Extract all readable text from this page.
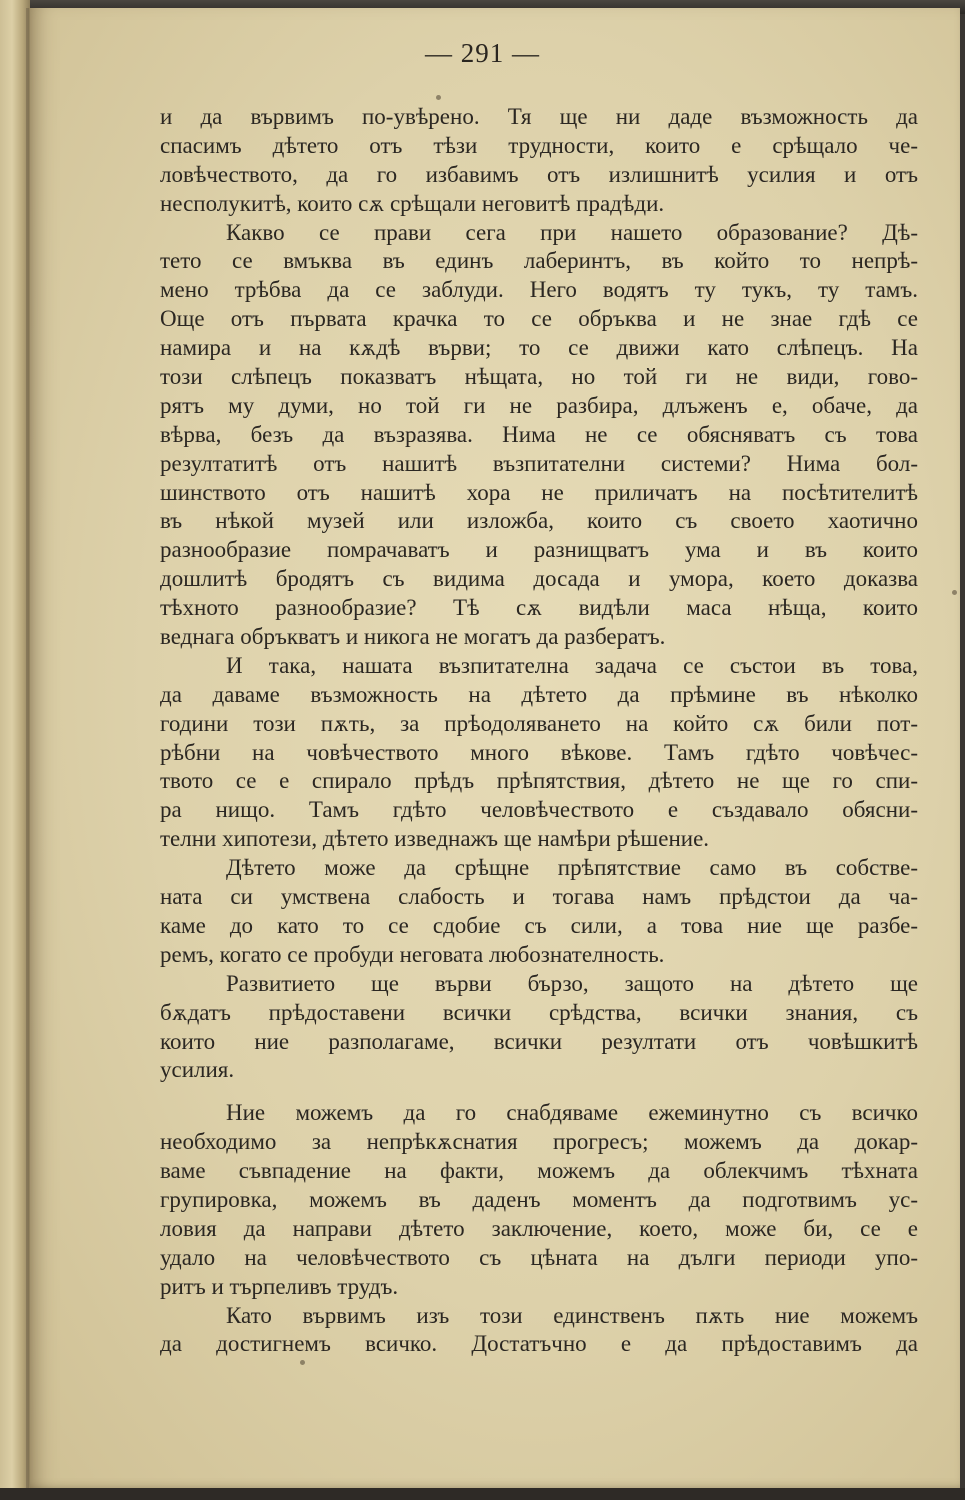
— 291 —
и да вървимъ по-увѣрено. Тя ще ни даде възможность да
спасимъ дѣтето отъ тѣзи трудности, които е срѣщало че-
ловѣчеството, да го избавимъ отъ излишнитѣ усилия и отъ
несполукитѣ, които сѫ срѣщали неговитѣ прадѣди.
Какво се прави сега при нашето образование? Дѣ-
тето се вмъква въ единъ лаберинтъ, въ който то непрѣ-
мено трѣбва да се заблуди. Него водятъ ту тукъ, ту тамъ.
Още отъ първата крачка то се обръква и не знае гдѣ се
намира и на кѫдѣ върви; то се движи като слѣпецъ. На
този слѣпецъ показватъ нѣщата, но той ги не види, гово-
рятъ му думи, но той ги не разбира, длъженъ е, обаче, да
вѣрва, безъ да възразява. Нима не се обясняватъ съ това
резултатитѣ отъ нашитѣ възпитателни системи? Нима бол-
шинството отъ нашитѣ хора не приличатъ на посѣтителитѣ
въ нѣкой музей или изложба, които съ своето хаотично
разнообразие помрачаватъ и разнищватъ ума и въ които
дошлитѣ бродятъ съ видима досада и умора, което доказва
тѣхното разнообразие? Тѣ сѫ видѣли маса нѣща, които
веднага обръкватъ и никога не могатъ да разбератъ.
И така, нашата възпитателна задача се състои въ това,
да даваме възможность на дѣтето да прѣмине въ нѣколко
години този пѫть, за прѣодоляването на който сѫ били пот-
рѣбни на човѣчеството много вѣкове. Тамъ гдѣто човѣчес-
твото се е спирало прѣдъ прѣпятствия, дѣтето не ще го спи-
ра нищо. Тамъ гдѣто человѣчеството е създавало обясни-
телни хипотези, дѣтето изведнажъ ще намѣри рѣшение.
Дѣтето може да срѣщне прѣпятствие само въ собстве-
ната си умствена слабость и тогава намъ прѣдстои да ча-
каме до като то се сдобие съ сили, а това ние ще разбе-
ремъ, когато се пробуди неговата любознателность.
Развитието ще върви бързо, защото на дѣтето ще
бѫдатъ прѣдоставени всички срѣдства, всички знания, съ
които ние разполагаме, всички резултати отъ човѣшкитѣ
усилия.
Ние можемъ да го снабдяваме ежеминутно съ всичко
необходимо за непрѣкѫснатия прогресъ; можемъ да докар-
ваме съвпадение на факти, можемъ да облекчимъ тѣхната
групировка, можемъ въ даденъ моментъ да подготвимъ ус-
ловия да направи дѣтето заключение, което, може би, се е
удало на человѣчеството съ цѣната на дълги периоди упо-
ритъ и търпеливъ трудъ.
Като вървимъ изъ този единственъ пѫть ние можемъ
да достигнемъ всичко. Достатъчно е да прѣдоставимъ да
